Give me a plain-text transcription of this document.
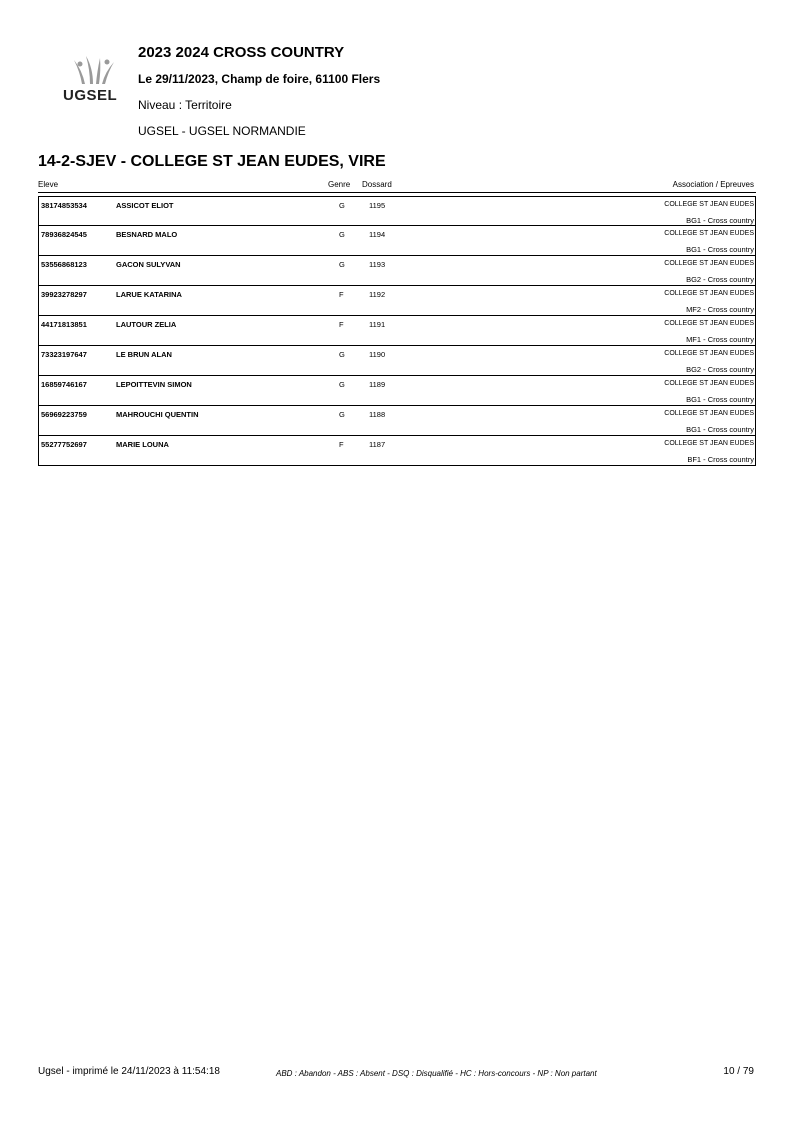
UGSEL
2023 2024 CROSS COUNTRY
Le 29/11/2023, Champ de foire, 61100 Flers
Niveau : Territoire
UGSEL - UGSEL NORMANDIE
14-2-SJEV - COLLEGE ST JEAN EUDES, VIRE
Eleve	Genre Dossard	Association / Epreuves
38174853534	ASSICOT ELIOT	G	1195	COLLEGE ST JEAN EUDES
BG1 - Cross country
78936824545	BESNARD MALO	G	1194	COLLEGE ST JEAN EUDES
BG1 - Cross country
53556868123	GACON SULYVAN	G	1193	COLLEGE ST JEAN EUDES
BG2 - Cross country
39923278297	LARUE KATARINA	F	1192	COLLEGE ST JEAN EUDES
MF2 - Cross country
44171813851	LAUTOUR ZELIA	F	1191	COLLEGE ST JEAN EUDES
MF1 - Cross country
73323197647	LE BRUN ALAN	G	1190	COLLEGE ST JEAN EUDES
BG2 - Cross country
16859746167	LEPOITTEVIN SIMON	G	1189	COLLEGE ST JEAN EUDES
BG1 - Cross country
56969223759	MAHROUCHI QUENTIN	G	1188	COLLEGE ST JEAN EUDES
BG1 - Cross country
55277752697	MARIE LOUNA	F	1187	COLLEGE ST JEAN EUDES
BF1 - Cross country
Ugsel - imprimé le 24/11/2023 à 11:54:18	ABD : Abandon - ABS : Absent - DSQ : Disqualifié - HC : Hors-concours - NP : Non partant	10 / 79
